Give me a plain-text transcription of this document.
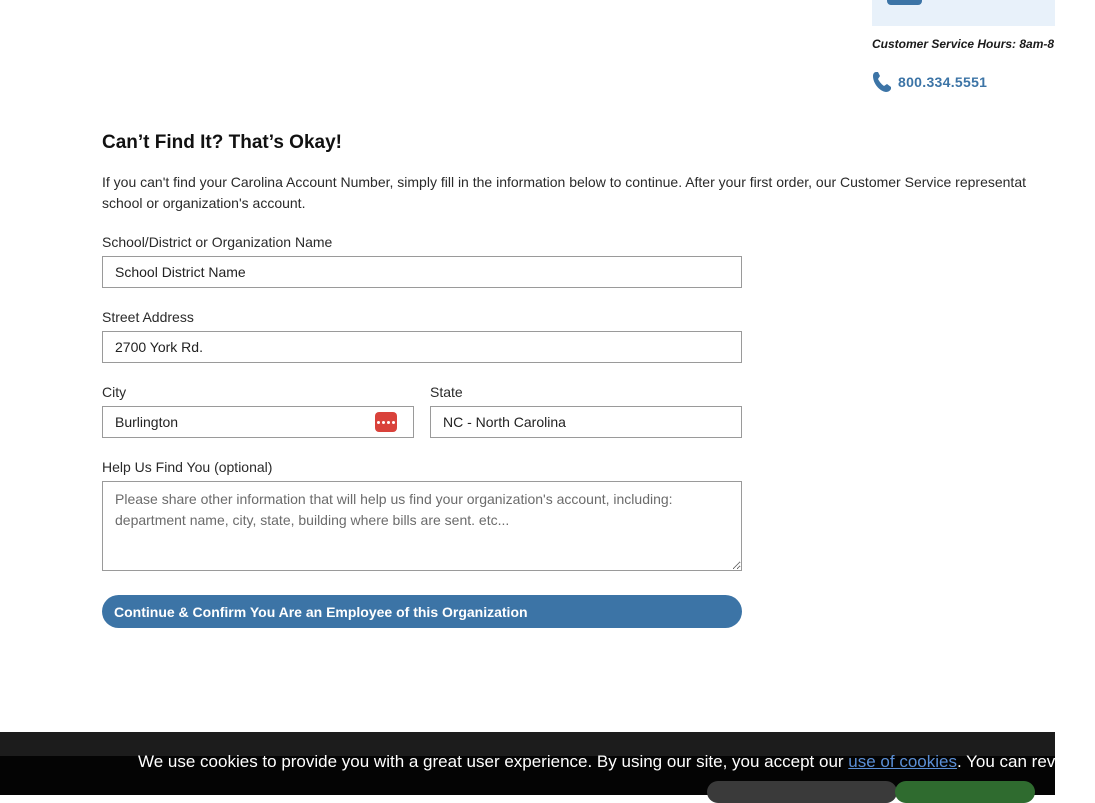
Customer Service Hours: 8am-8
800.334.5551
Can’t Find It? That’s Okay!
If you can't find your Carolina Account Number, simply fill in the information below to continue. After your first order, our Customer Service representat
school or organization's account.
School/District or Organization Name
School District Name
Street Address
2700 York Rd.
City
Burlington	State
NC - North Carolina
Help Us Find You (optional)
Please share other information that will help us find your organization's account, including: department name, city, state, building where bills are sent. etc...
Continue & Confirm You Are an Employee of this Organization
We use cookies to provide you with a great user experience. By using our site, you accept our use of cookies. You can review o
